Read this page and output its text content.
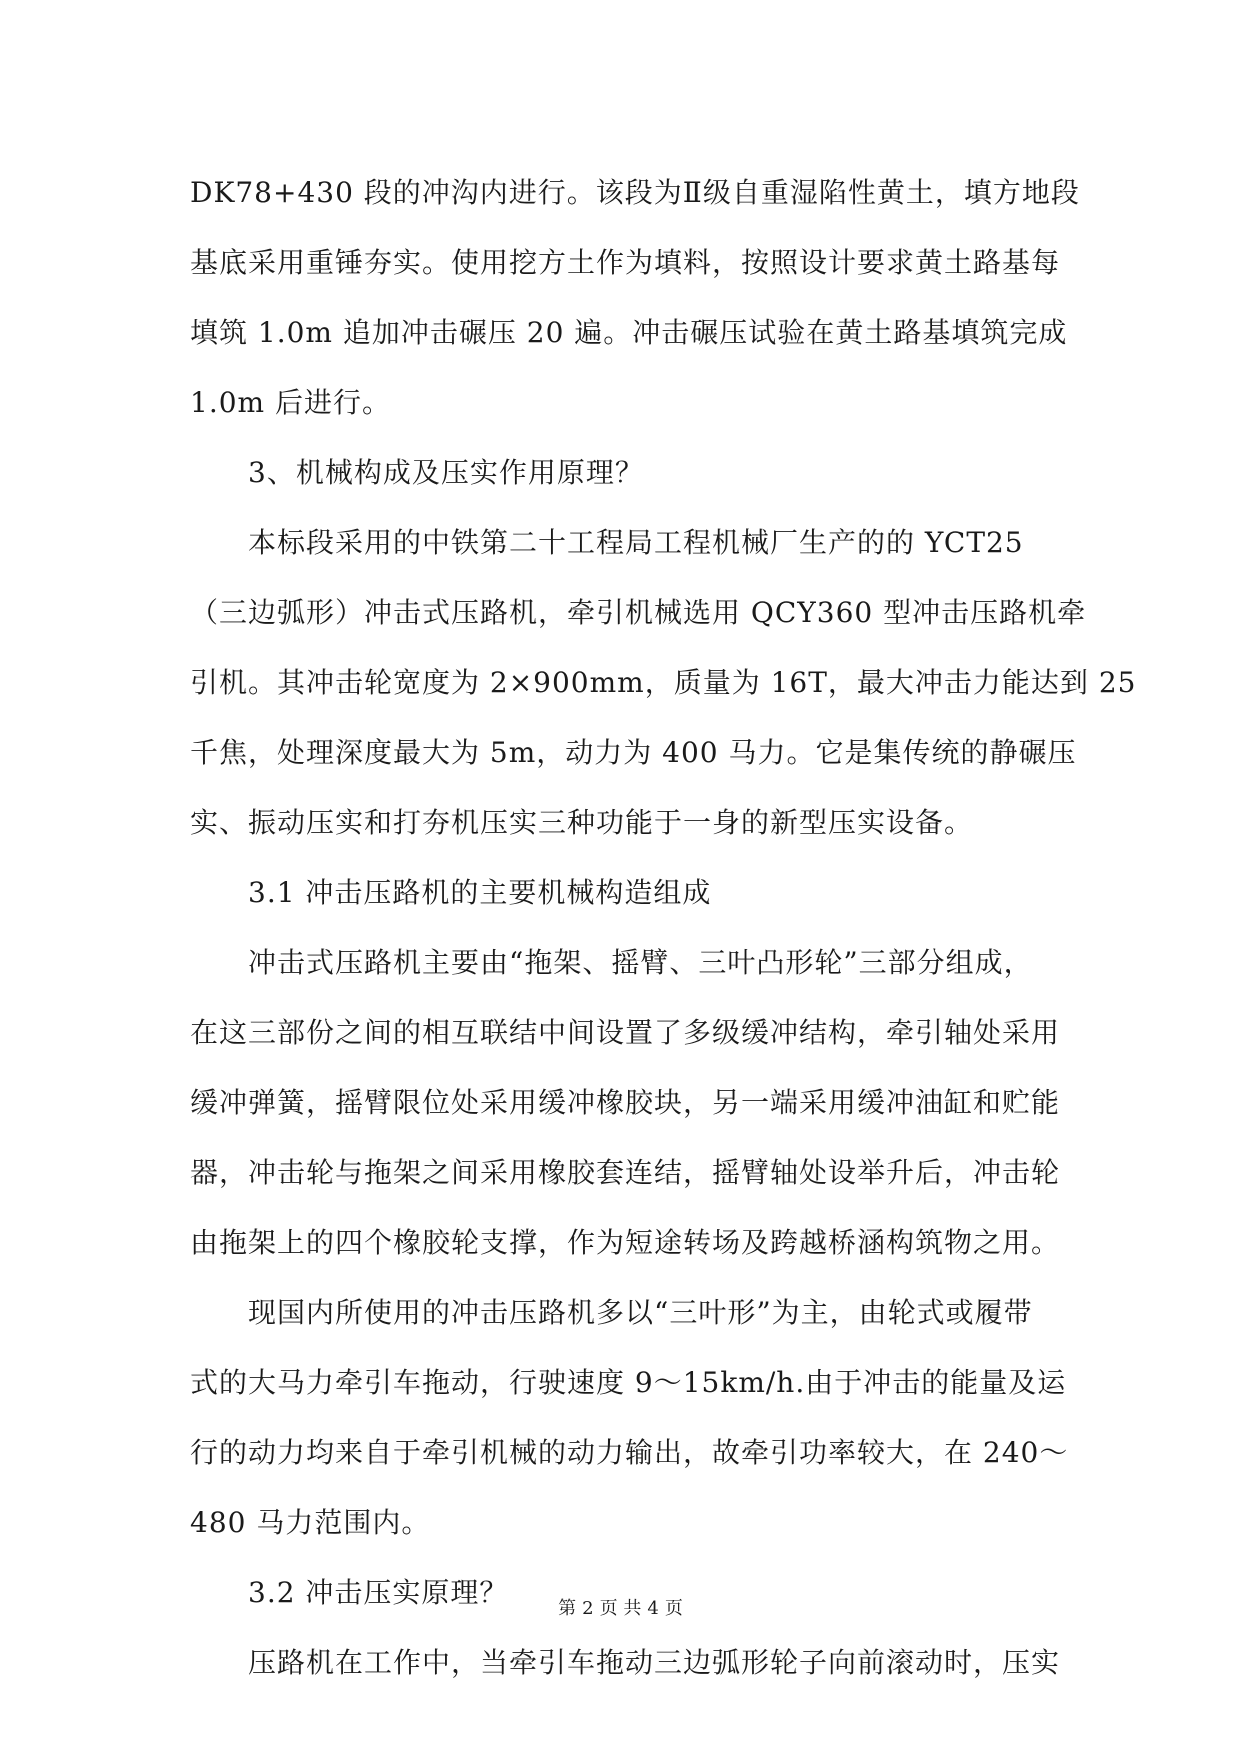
DK78+430 段的冲沟内进行。该段为Ⅱ级自重湿陷性黄土，填方地段
基底采用重锤夯实。使用挖方土作为填料，按照设计要求黄土路基每
填筑 1.0m 追加冲击碾压 20 遍。冲击碾压试验在黄土路基填筑完成
1.0m 后进行。
3、机械构成及压实作用原理？
本标段采用的中铁第二十工程局工程机械厂生产的的 YCT25
（三边弧形）冲击式压路机，牵引机械选用 QCY360 型冲击压路机牵
引机。其冲击轮宽度为 2×900mm，质量为 16T，最大冲击力能达到 25
千焦，处理深度最大为 5m，动力为 400 马力。它是集传统的静碾压
实、振动压实和打夯机压实三种功能于一身的新型压实设备。
3.1 冲击压路机的主要机械构造组成
冲击式压路机主要由“拖架、摇臂、三叶凸形轮”三部分组成，
在这三部份之间的相互联结中间设置了多级缓冲结构，牵引轴处采用
缓冲弹簧，摇臂限位处采用缓冲橡胶块，另一端采用缓冲油缸和贮能
器，冲击轮与拖架之间采用橡胶套连结，摇臂轴处设举升后，冲击轮
由拖架上的四个橡胶轮支撑，作为短途转场及跨越桥涵构筑物之用。
现国内所使用的冲击压路机多以“三叶形”为主，由轮式或履带
式的大马力牵引车拖动，行驶速度 9～15km/h.由于冲击的能量及运
行的动力均来自于牵引机械的动力输出，故牵引功率较大，在 240～
480 马力范围内。
3.2 冲击压实原理？
压路机在工作中，当牵引车拖动三边弧形轮子向前滚动时，压实
第 2 页 共 4 页
